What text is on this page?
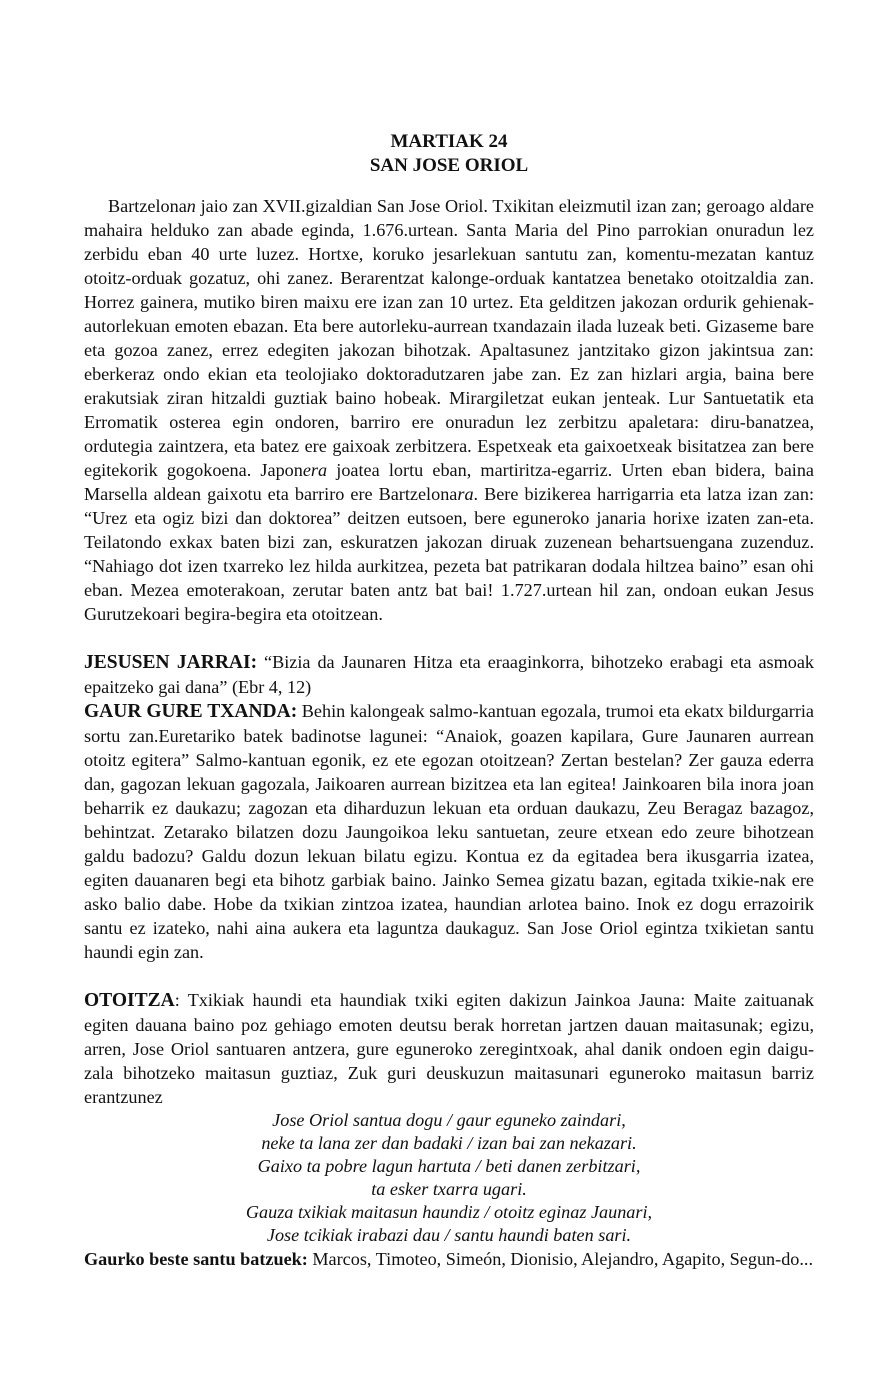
MARTIAK 24
SAN JOSE ORIOL

Bartzelonan jaio zan XVII.gizaldian San Jose Oriol. Txikitan eleizmutil izan zan; geroago aldare mahaira helduko zan abade eginda, 1.676.urtean. Santa Maria del Pino parrokian onuradun lez zerbidu eban 40 urte luzez. Hortxe, koruko jesarlekuan santutu zan, komentu-mezatan kantuz otoitz-orduak gozatuz, ohi zanez. Berarentzat kalonge-orduak kantatzea benetako otoitzaldia zan. Horrez gainera, mutiko biren maixu ere izan zan 10 urtez. Eta gelditzen jakozan ordurik gehienak-autorlekuan emoten ebazan. Eta bere autorleku-aurrean txandazain ilada luzeak beti. Gizaseme bare eta gozoa zanez, errez edegiten jakozan bihotzak. Apaltasunez jantzitako gizon jakintsua zan: eberkeraz ondo ekian eta teolojiako doktoradutzaren jabe zan. Ez zan hizlari argia, baina bere erakutsiak ziran hitzaldi guztiak baino hobeak. Mirargiletzat eukan jenteak. Lur Santuetatik eta Erromatik osterea egin ondoren, barriro ere onuradun lez zerbitzu apaletara: diru-banatzea, ordutegia zaintzera, eta batez ere gaixoak zerbitzera. Espetxeak eta gaixoetxeak bisitatzea zan bere egitekorik gogokoena. Japonera joatea lortu eban, martiritza-egarriz. Urten eban bidera, baina Marsella aldean gaixotu eta barriro ere Bartzelonara. Bere bizikerea harrigarria eta latza izan zan: “Urez eta ogiz bizi dan doktorea” deitzen eutsoen, bere eguneroko janaria horixe izaten zan-eta. Teilatondo exkax baten bizi zan, eskuratzen jakozan diruak zuzenean behartsuengana zuzenduz. “Nahiago dot izen txarreko lez hilda aurkitzea, pezeta bat patrikaran dodala hiltzea baino” esan ohi eban. Mezea emoterakoan, zerutar baten antz bat bai! 1.727.urtean hil zan, ondoan eukan Jesus Gurutzekoari begira-begira eta otoitzean.

JESUSEN JARRAI: “Bizia da Jaunaren Hitza eta eraaginkorra, bihotzeko erabagi eta asmoak epaitzeko gai dana” (Ebr 4, 12)

GAUR GURE TXANDA: Behin kalongeak salmo-kantuan egozala, trumoi eta ekatx bildurgarria sortu zan.Euretariko batek badinotse lagunei: “Anaiok, goazen kapilara, Gure Jaunaren aurrean otoitz egitera” Salmo-kantuan egonik, ez ete egozan otoitzean? Zertan bestelan? Zer gauza ederra dan, gagozan lekuan gagozala, Jaikoaren aurrean bizitzea eta lan egitea! Jainkoaren bila inora joan beharrik ez daukazu; zagozan eta diharduzun lekuan eta orduan daukazu, Zeu Beragaz bazagoz, behintzat. Zetarako bilatzen dozu Jaungoikoa leku santuetan, zeure etxean edo zeure bihotzean galdu badozu? Galdu dozun lekuan bilatu egizu. Kontua ez da egitadea bera ikusgarria izatea, egiten dauanaren begi eta bihotz garbiak baino. Jainko Semea gizatu bazan, egitada txikie-nak ere asko balio dabe. Hobe da txikian zintzoa izatea, haundian arlotea baino. Inok ez dogu errazoirik santu ez izateko, nahi aina aukera eta laguntza daukaguz. San Jose Oriol egintza txikietan santu haundi egin zan.

OTOITZA: Txikiak haundi eta haundiak txiki egiten dakizun Jainkoa Jauna: Maite zaituanak egiten dauana baino poz gehiago emoten deutsu berak horretan jartzen dauan maitasunak; egizu, arren, Jose Oriol santuaren antzera, gure eguneroko zeregintxoak, ahal danik ondoen egin daigu-zala bihotzeko maitasun guztiaz, Zuk guri deuskuzun maitasunari eguneroko maitasun barriz erantzunez

Jose Oriol santua dogu / gaur eguneko zaindari,
neke ta lana zer dan badaki / izan bai zan nekazari.
Gaixo ta pobre lagun hartuta / beti danen zerbitzari,
ta esker txarra ugari.
Gauza txikiak maitasun haundiz / otoitz eginaz Jaunari,
Jose tcikiak irabazi dau / santu haundi baten sari.

Gaurko beste santu batzuek: Marcos, Timoteo, Simeón, Dionisio, Alejandro, Agapito, Segun-do...
